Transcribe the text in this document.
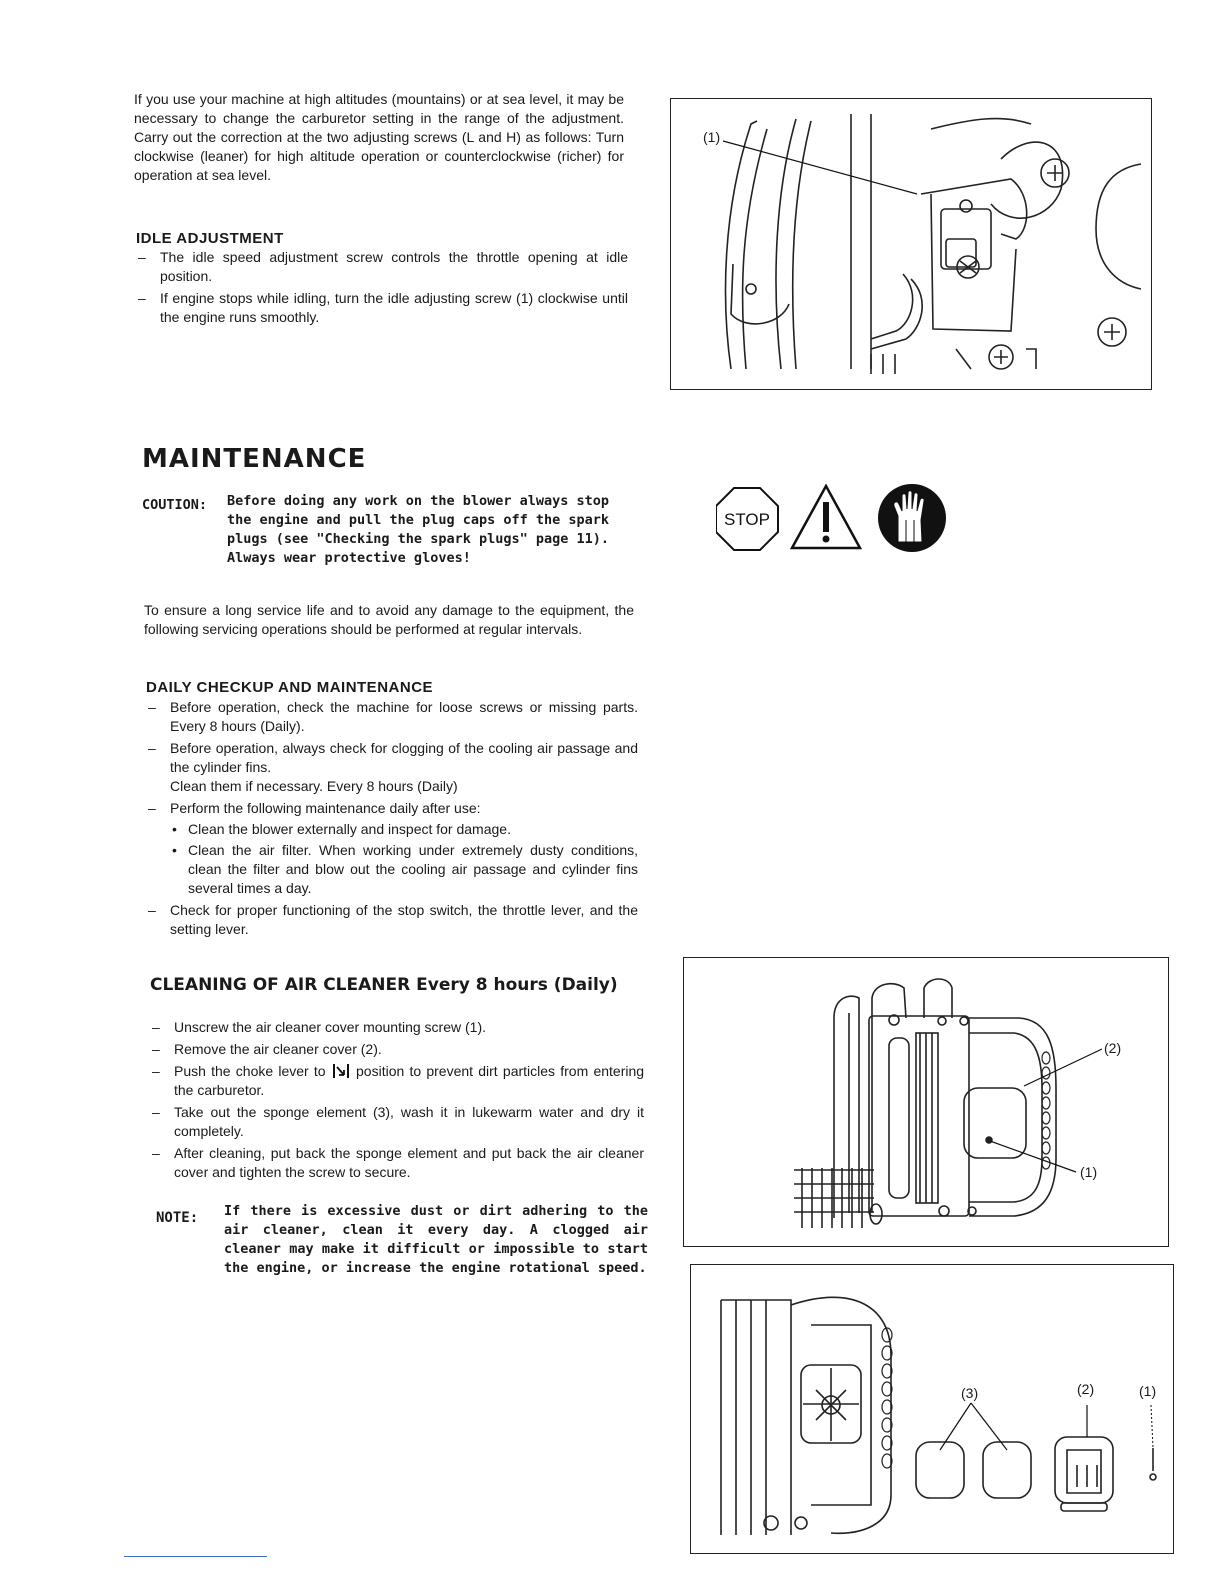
If you use your machine at high altitudes (mountains) or at sea level, it may be necessary to change the carburetor setting in the range of the adjustment. Carry out the correction at the two adjusting screws (L and H) as follows: Turn clockwise (leaner) for high altitude operation or counterclockwise (richer) for operation at sea level.

IDLE ADJUSTMENT
– The idle speed adjustment screw controls the throttle opening at idle position.
– If engine stops while idling, turn the idle adjusting screw (1) clockwise until the engine runs smoothly.
(1)
MAINTENANCE
COUTION: Before doing any work on the blower always stop the engine and pull the plug caps off the spark plugs (see "Checking the spark plugs" page 11).
Always wear protective gloves!
STOP

To ensure a long service life and to avoid any damage to the equipment, the following servicing operations should be performed at regular intervals.

DAILY CHECKUP AND MAINTENANCE
– Before operation, check the machine for loose screws or missing parts. Every 8 hours (Daily).
– Before operation, always check for clogging of the cooling air passage and the cylinder fins.
Clean them if necessary. Every 8 hours (Daily)
– Perform the following maintenance daily after use:
• Clean the blower externally and inspect for damage.
• Clean the air filter. When working under extremely dusty conditions, clean the filter and blow out the cooling air passage and cylinder fins several times a day.
– Check for proper functioning of the stop switch, the throttle lever, and the setting lever.
CLEANING OF AIR CLEANER Every 8 hours (Daily)
– Unscrew the air cleaner cover mounting screw (1).
– Remove the air cleaner cover (2).
– Push the choke lever to position to prevent dirt particles from entering the carburetor.
– Take out the sponge element (3), wash it in lukewarm water and dry it completely.
– After cleaning, put back the sponge element and put back the air cleaner cover and tighten the screw to secure.
NOTE: If there is excessive dust or dirt adhering to the air cleaner, clean it every day. A clogged air cleaner may make it difficult or impossible to start the engine, or increase the engine rotational speed.
(2)
(1)
(3)	(2)	(1)
